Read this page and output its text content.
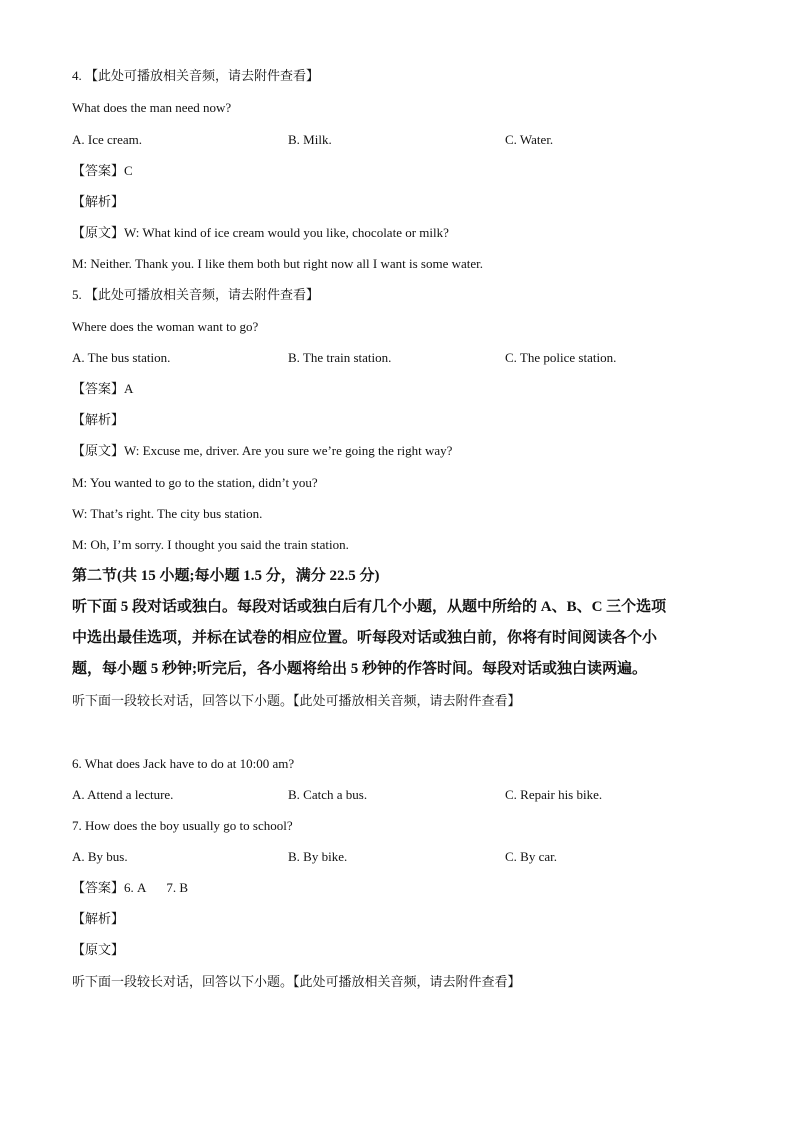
4. 【此处可播放相关音频，请去附件查看】
What does the man need now?
A. Ice cream.	B. Milk.	C. Water.
【答案】C
【解析】
【原文】W: What kind of ice cream would you like, chocolate or milk?
M: Neither. Thank you. I like them both but right now all I want is some water.
5. 【此处可播放相关音频，请去附件查看】
Where does the woman want to go?
A. The bus station.	B. The train station.	C. The police station.
【答案】A
【解析】
【原文】W: Excuse me, driver. Are you sure we’re going the right way?
M: You wanted to go to the station, didn’t you?
W: That’s right. The city bus station.
M: Oh, I’m sorry. I thought you said the train station.
第二节(共 15 小题;每小题 1.5 分，满分 22.5 分)
听下面 5 段对话或独白。每段对话或独白后有几个小题，从题中所给的 A、B、C 三个选项
中选出最佳选项，并标在试卷的相应位置。听每段对话或独白前，你将有时间阅读各个小
题，每小题 5 秒钟;听完后，各小题将给出 5 秒钟的作答时间。每段对话或独白读两遍。
听下面一段较长对话，回答以下小题。【此处可播放相关音频，请去附件查看】
6. What does Jack have to do at 10:00 am?
A. Attend a lecture.	B. Catch a bus.	C. Repair his bike.
7. How does the boy usually go to school?
A. By bus.	B. By bike.	C. By car.
【答案】6. A 7. B
【解析】
【原文】
听下面一段较长对话，回答以下小题。【此处可播放相关音频，请去附件查看】
